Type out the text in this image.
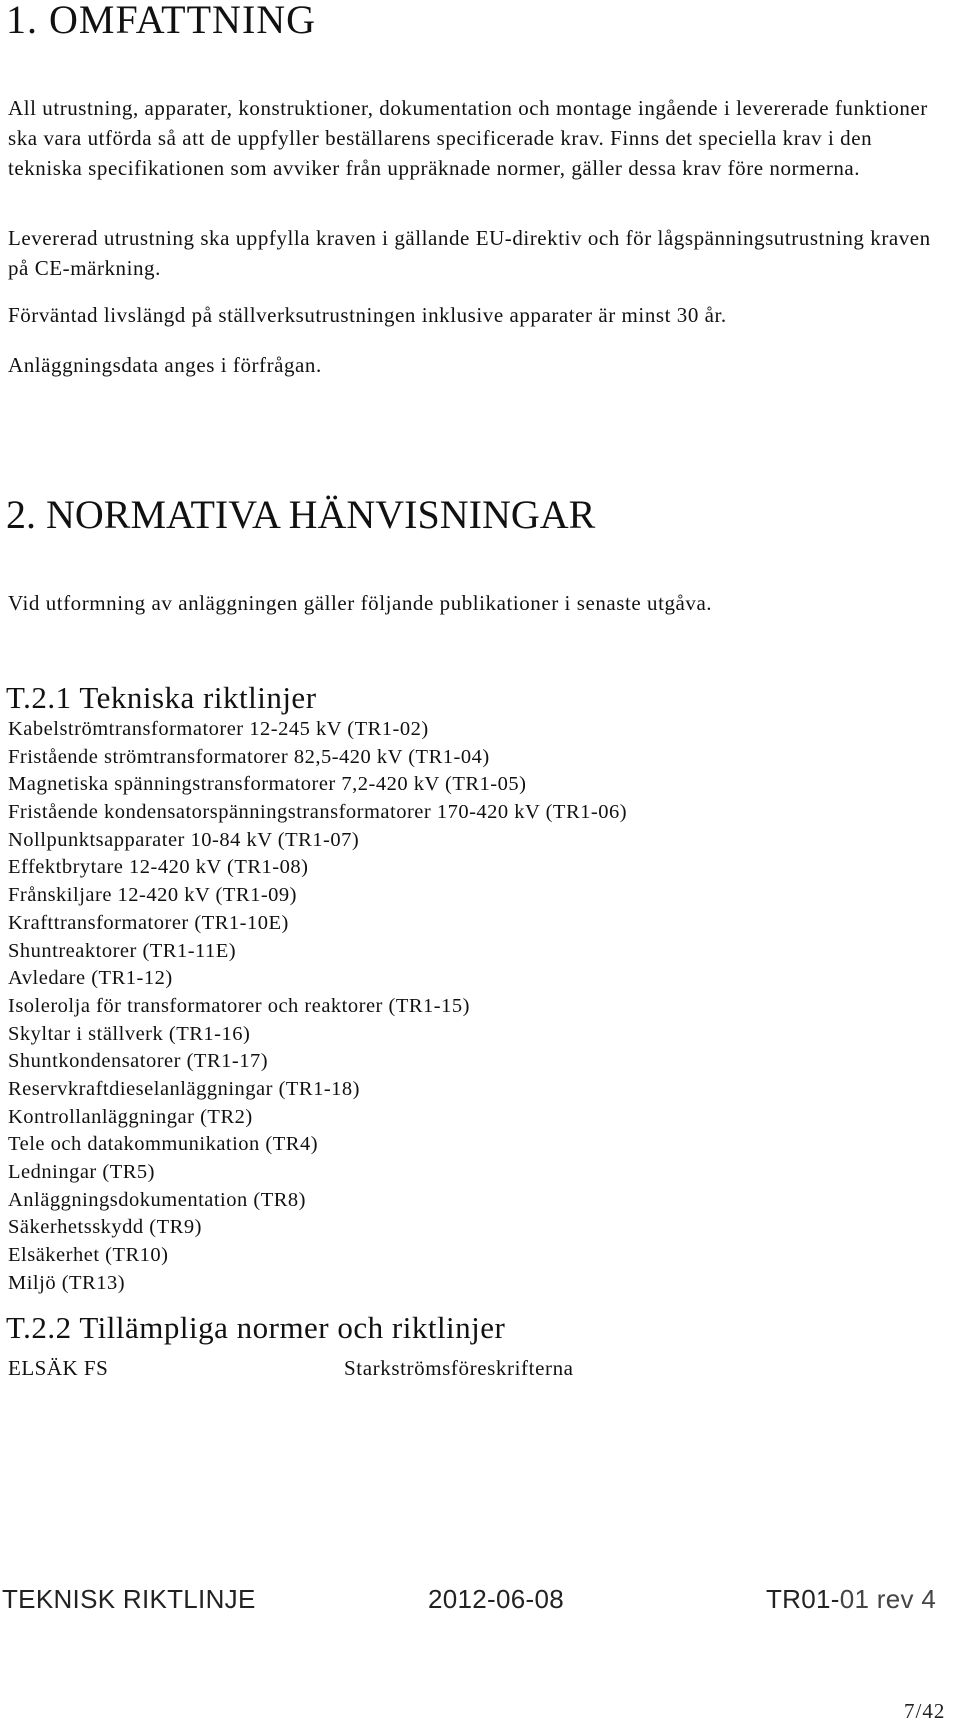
1. OMFATTNING

All utrustning, apparater, konstruktioner, dokumentation och montage ingående i levererade funktioner ska vara utförda så att de uppfyller beställarens specificerade krav. Finns det speciella krav i den tekniska specifikationen som avviker från uppräknade normer, gäller dessa krav före normerna.

Levererad utrustning ska uppfylla kraven i gällande EU-direktiv och för lågspänningsutrustning kraven på CE-märkning.

Förväntad livslängd på ställverksutrustningen inklusive apparater är minst 30 år.

Anläggningsdata anges i förfrågan.

2. NORMATIVA HÄNVISNINGAR

Vid utformning av anläggningen gäller följande publikationer i senaste utgåva.

T.2.1 Tekniska riktlinjer
Kabelströmtransformatorer 12-245 kV (TR1-02)
Fristående strömtransformatorer 82,5-420 kV (TR1-04)
Magnetiska spänningstransformatorer 7,2-420 kV (TR1-05)
Fristående kondensatorspänningstransformatorer 170-420 kV (TR1-06)
Nollpunktsapparater 10-84 kV (TR1-07)
Effektbrytare 12-420 kV (TR1-08)
Frånskiljare 12-420 kV (TR1-09)
Krafttransformatorer (TR1-10E)
Shuntreaktorer (TR1-11E)
Avledare (TR1-12)
Isolerolja för transformatorer och reaktorer (TR1-15)
Skyltar i ställverk (TR1-16)
Shuntkondensatorer (TR1-17)
Reservkraftdieselanläggningar (TR1-18)
Kontrollanläggningar (TR2)
Tele och datakommunikation (TR4)
Ledningar (TR5)
Anläggningsdokumentation (TR8)
Säkerhetsskydd (TR9)
Elsäkerhet (TR10)
Miljö (TR13)
T.2.2 Tillämpliga normer och riktlinjer
ELSÄK FS	Starkströmsföreskrifterna
TEKNISK RIKTLINJE	2012-06-08	TR01-01 rev 4
7/42
